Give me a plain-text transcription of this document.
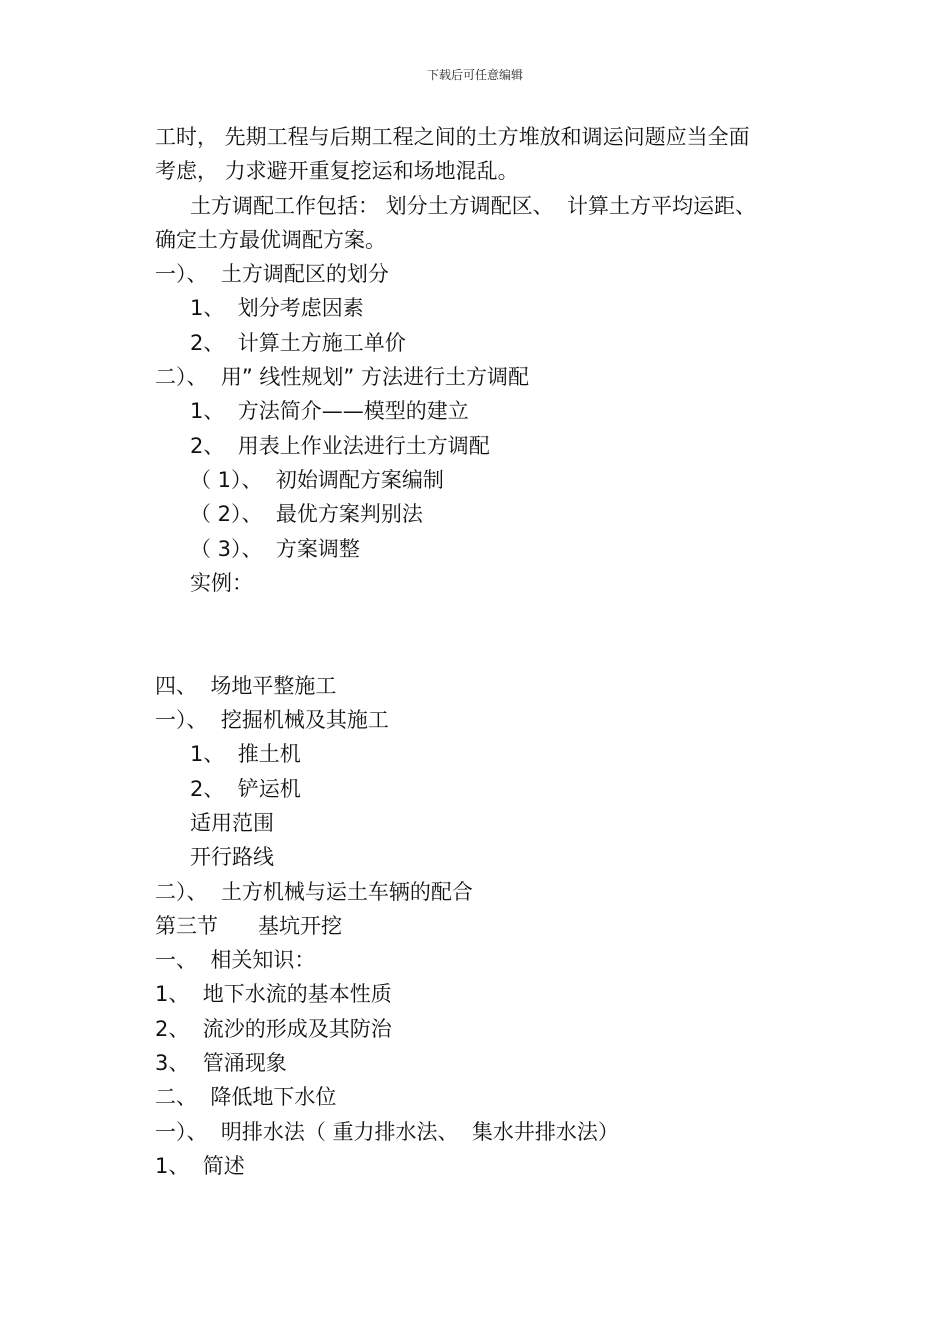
下载后可任意编辑
工时， 先期工程与后期工程之间的土方堆放和调运问题应当全面
考虑， 力求避开重复挖运和场地混乱。
土方调配工作包括： 划分土方调配区、  计算土方平均运距、
确定土方最优调配方案。
一）、  土方调配区的划分
1、  划分考虑因素
2、  计算土方施工单价
二）、  用” 线性规划” 方法进行土方调配
1、  方法简介——模型的建立
2、  用表上作业法进行土方调配
（ 1）、  初始调配方案编制
（ 2）、  最优方案判别法
（ 3）、  方案调整
实例：
四、  场地平整施工
一）、  挖掘机械及其施工
1、  推土机
2、  铲运机
适用范围
开行路线
二）、  土方机械与运土车辆的配合
第三节      基坑开挖
一、  相关知识：
1、  地下水流的基本性质
2、  流沙的形成及其防治
3、  管涌现象
二、  降低地下水位
一）、  明排水法（ 重力排水法、  集水井排水法）
1、  简述
